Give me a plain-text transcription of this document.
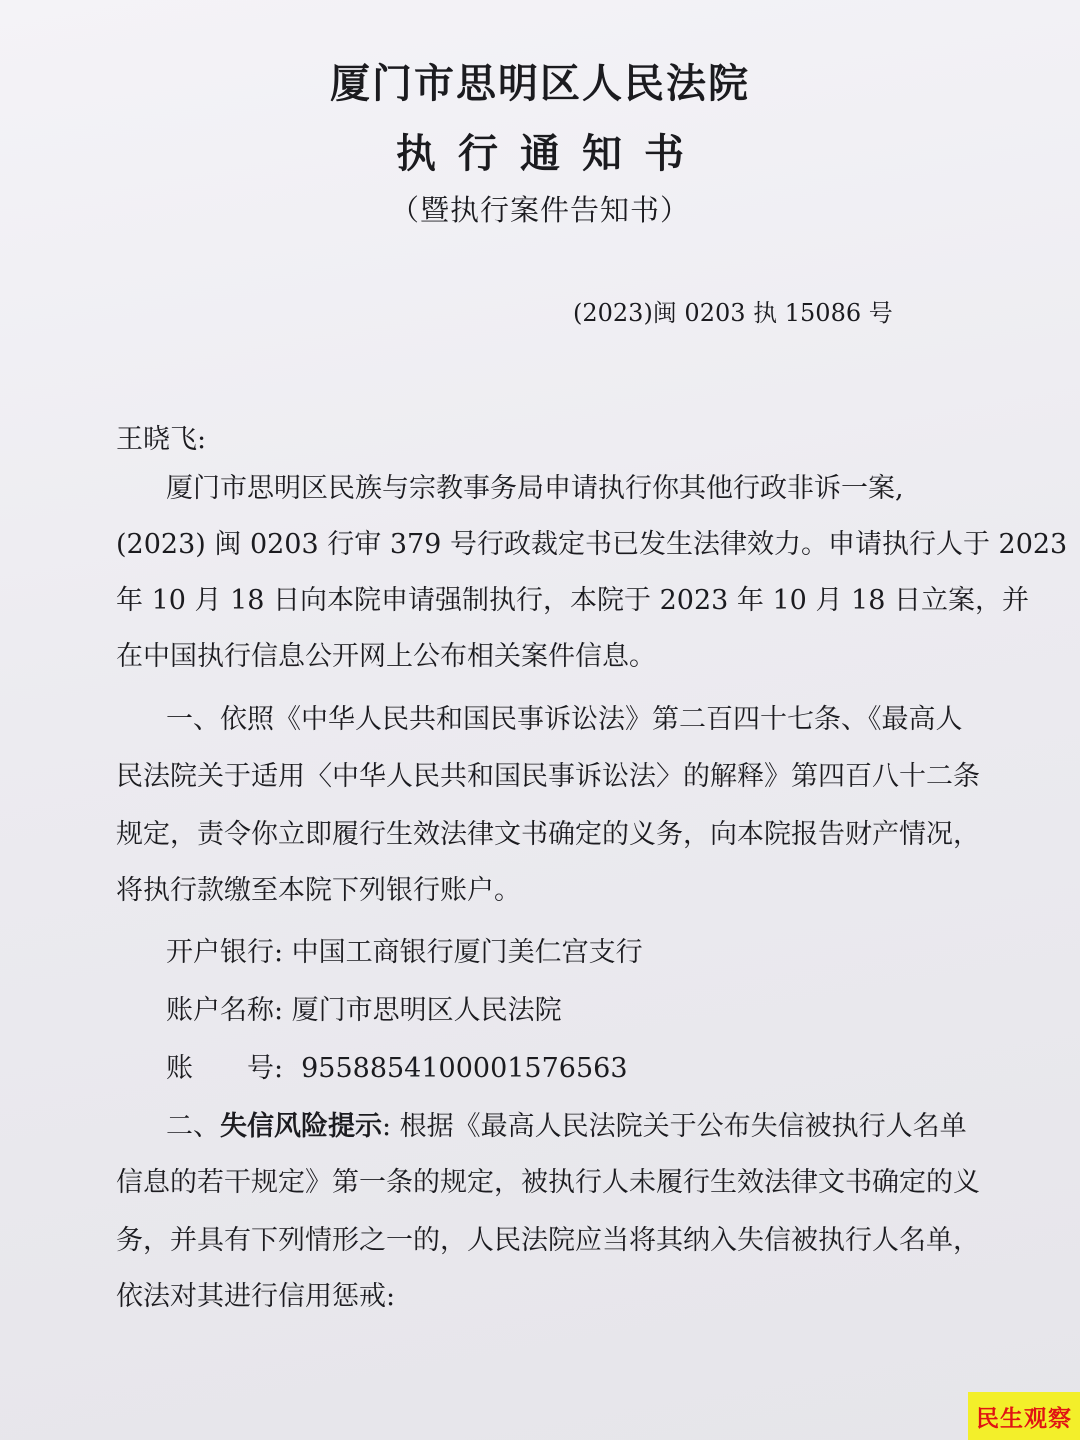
厦门市思明区人民法院
执行通知书
（暨执行案件告知书）
(2023)闽 0203 执 15086 号
王晓飞:
厦门市思明区民族与宗教事务局申请执行你其他行政非诉一案,
(2023) 闽 0203 行审 379 号行政裁定书已发生法律效力。申请执行人于 2023
年 10 月 18 日向本院申请强制执行，本院于 2023 年 10 月 18 日立案，并
在中国执行信息公开网上公布相关案件信息。
一、依照《中华人民共和国民事诉讼法》第二百四十七条、《最高人
民法院关于适用〈中华人民共和国民事诉讼法〉的解释》第四百八十二条
规定，责令你立即履行生效法律文书确定的义务，向本院报告财产情况，
将执行款缴至本院下列银行账户。
开户银行: 中国工商银行厦门美仁宫支行
账户名称: 厦门市思明区人民法院
账　　号: 9558854100001576563
二、失信风险提示: 根据《最高人民法院关于公布失信被执行人名单
信息的若干规定》第一条的规定，被执行人未履行生效法律文书确定的义
务，并具有下列情形之一的，人民法院应当将其纳入失信被执行人名单，
依法对其进行信用惩戒:
民生观察
